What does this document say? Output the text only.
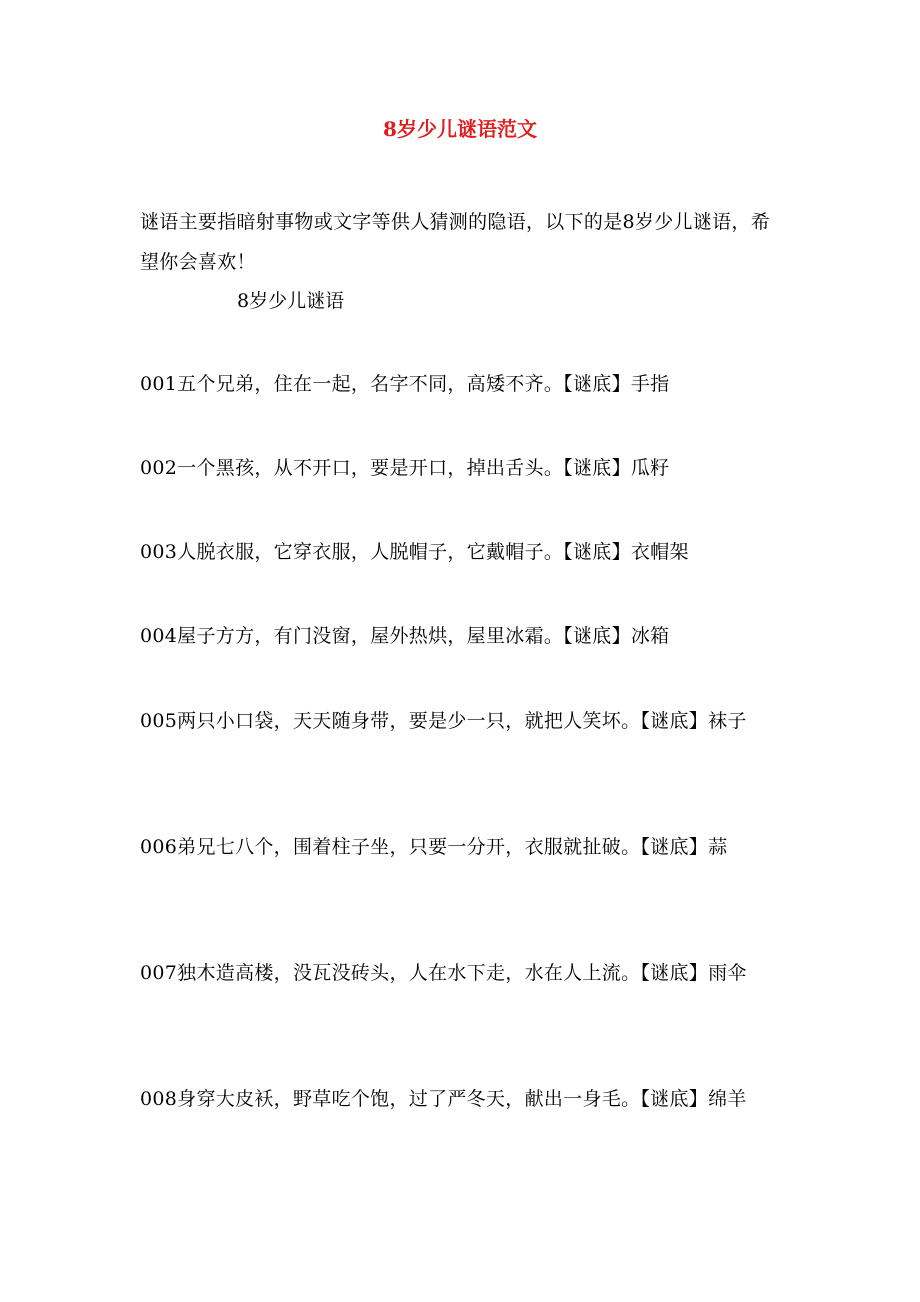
8岁少儿谜语范文
谜语主要指暗射事物或文字等供人猜测的隐语，以下的是8岁少儿谜语，希望你会喜欢！
8岁少儿谜语
001五个兄弟，住在一起，名字不同，高矮不齐。【谜底】手指
002一个黑孩，从不开口，要是开口，掉出舌头。【谜底】瓜籽
003人脱衣服，它穿衣服，人脱帽子，它戴帽子。【谜底】衣帽架
004屋子方方，有门没窗，屋外热烘，屋里冰霜。【谜底】冰箱
005两只小口袋，天天随身带，要是少一只，就把人笑坏。【谜底】袜子
006弟兄七八个，围着柱子坐，只要一分开，衣服就扯破。【谜底】蒜
007独木造高楼，没瓦没砖头，人在水下走，水在人上流。【谜底】雨伞
008身穿大皮袄，野草吃个饱，过了严冬天，献出一身毛。【谜底】绵羊
